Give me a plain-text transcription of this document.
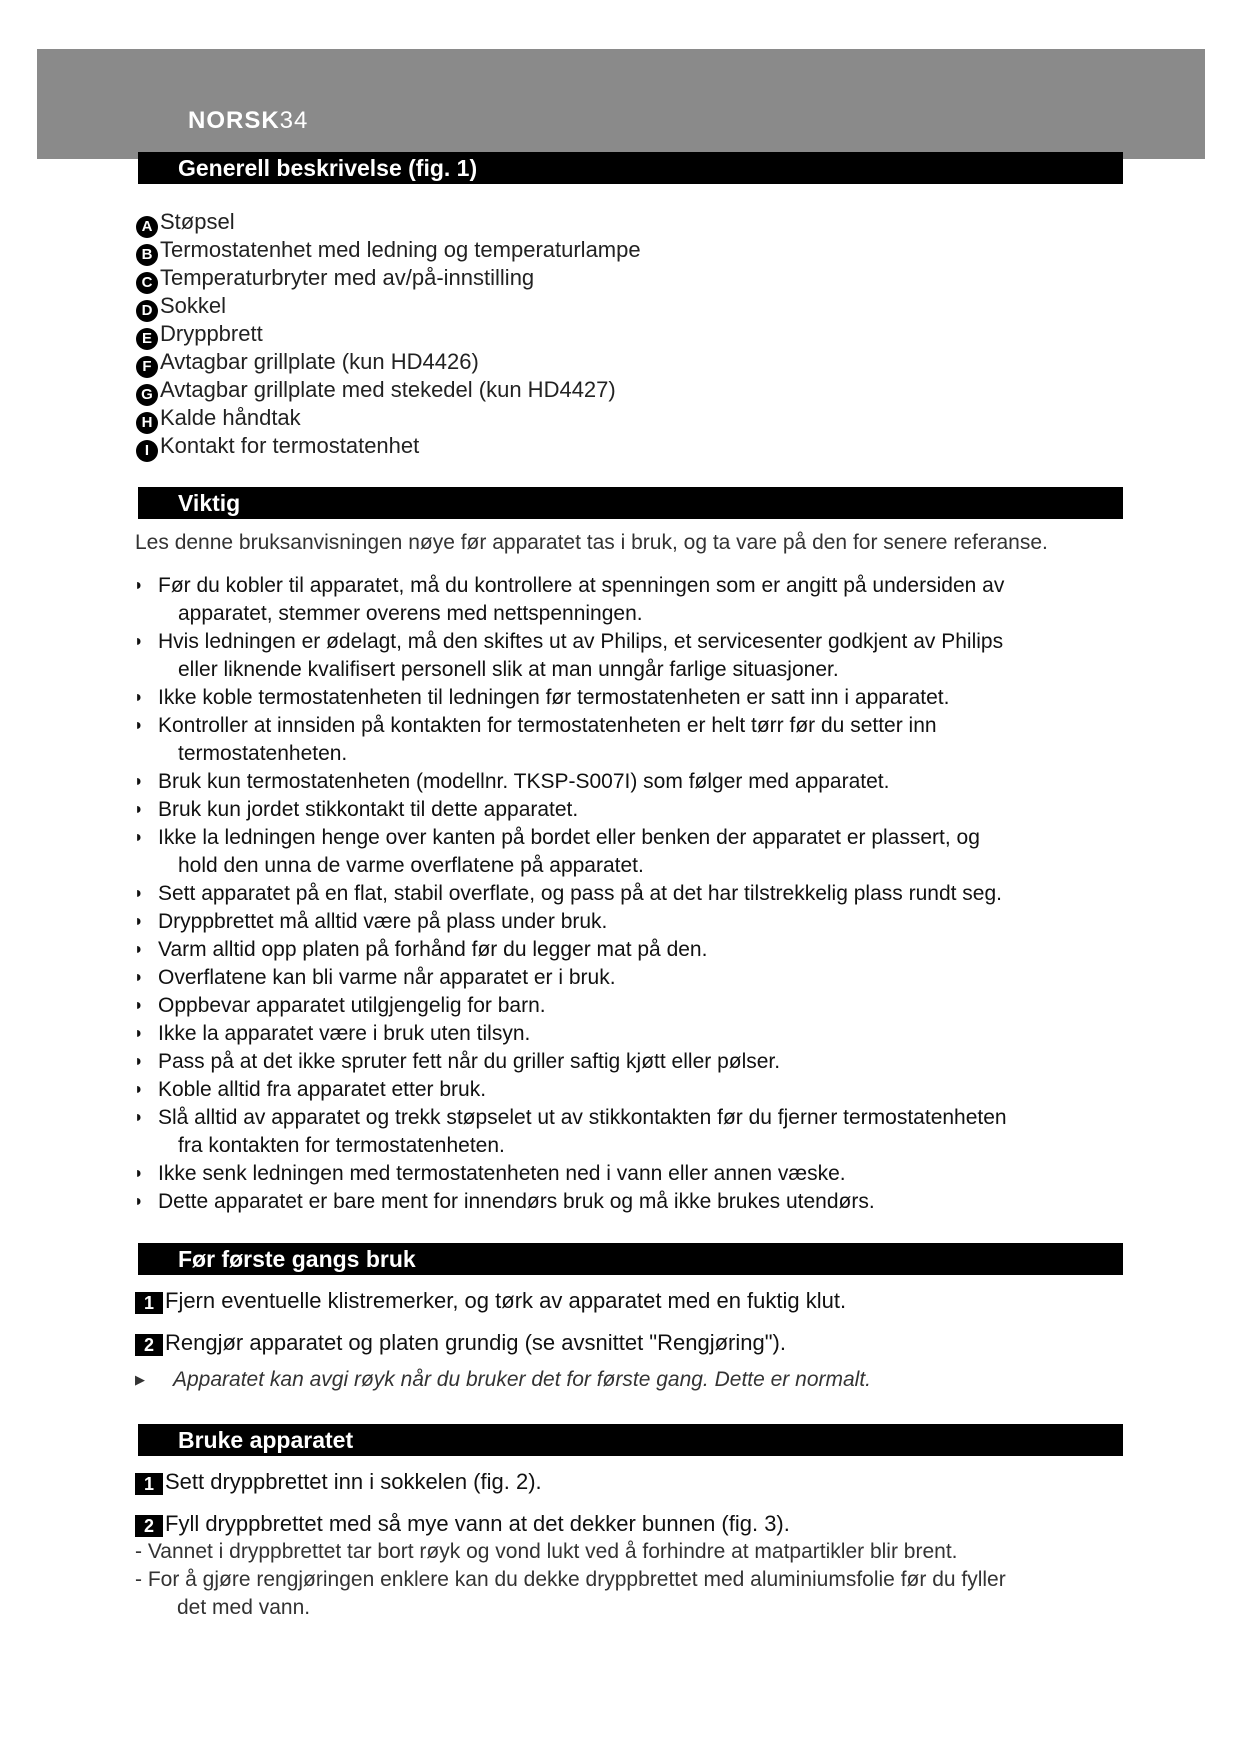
NORSK34
Generell beskrivelse (fig. 1)
A Støpsel
B Termostatenhet med ledning og temperaturlampe
C Temperaturbryter med av/på-innstilling
D Sokkel
E Dryppbrett
F Avtagbar grillplate (kun HD4426)
G Avtagbar grillplate med stekedel (kun HD4427)
H Kalde håndtak
I Kontakt for termostatenhet
Viktig
Les denne bruksanvisningen nøye før apparatet tas i bruk, og ta vare på den for senere referanse.
◗ Før du kobler til apparatet, må du kontrollere at spenningen som er angitt på undersiden av
apparatet, stemmer overens med nettspenningen.
◗ Hvis ledningen er ødelagt, må den skiftes ut av Philips, et servicesenter godkjent av Philips
eller liknende kvalifisert personell slik at man unngår farlige situasjoner.
◗ Ikke koble termostatenheten til ledningen før termostatenheten er satt inn i apparatet.
◗ Kontroller at innsiden på kontakten for termostatenheten er helt tørr før du setter inn
termostatenheten.
◗ Bruk kun termostatenheten (modellnr. TKSP-S007I) som følger med apparatet.
◗ Bruk kun jordet stikkontakt til dette apparatet.
◗ Ikke la ledningen henge over kanten på bordet eller benken der apparatet er plassert, og
hold den unna de varme overflatene på apparatet.
◗ Sett apparatet på en flat, stabil overflate, og pass på at det har tilstrekkelig plass rundt seg.
◗ Dryppbrettet må alltid være på plass under bruk.
◗ Varm alltid opp platen på forhånd før du legger mat på den.
◗ Overflatene kan bli varme når apparatet er i bruk.
◗ Oppbevar apparatet utilgjengelig for barn.
◗ Ikke la apparatet være i bruk uten tilsyn.
◗ Pass på at det ikke spruter fett når du griller saftig kjøtt eller pølser.
◗ Koble alltid fra apparatet etter bruk.
◗ Slå alltid av apparatet og trekk støpselet ut av stikkontakten før du fjerner termostatenheten
fra kontakten for termostatenheten.
◗ Ikke senk ledningen med termostatenheten ned i vann eller annen væske.
◗ Dette apparatet er bare ment for innendørs bruk og må ikke brukes utendørs.
Før første gangs bruk
1 Fjern eventuelle klistremerker, og tørk av apparatet med en fuktig klut.
2 Rengjør apparatet og platen grundig (se avsnittet "Rengjøring").
▶ Apparatet kan avgi røyk når du bruker det for første gang. Dette er normalt.
Bruke apparatet
1 Sett dryppbrettet inn i sokkelen (fig. 2).
2 Fyll dryppbrettet med så mye vann at det dekker bunnen (fig. 3).
- Vannet i dryppbrettet tar bort røyk og vond lukt ved å forhindre at matpartikler blir brent.
- For å gjøre rengjøringen enklere kan du dekke dryppbrettet med aluminiumsfolie før du fyller
det med vann.
